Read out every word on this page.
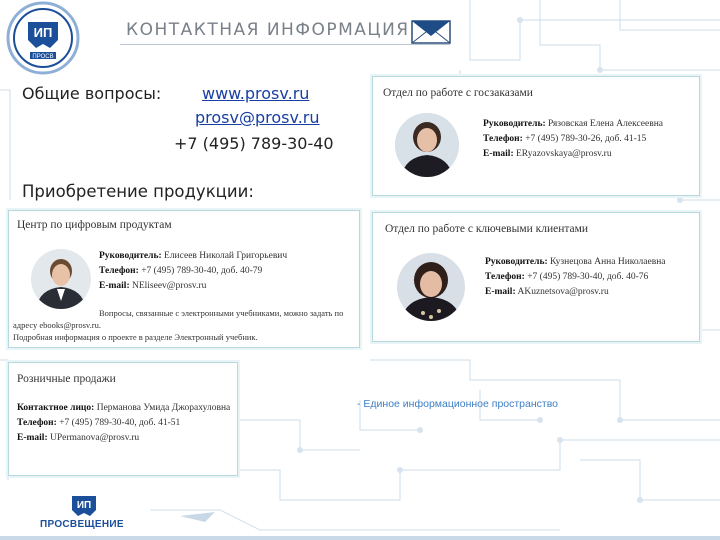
ИП
ПРОСВ
КОНТАКТНАЯ ИНФОРМАЦИЯ
Общие вопросы:	www.prosv.ru
prosv@prosv.ru
+7 (495) 789-30-40
Приобретение продукции:
Отдел по работе с госзаказами
Руководитель: Рязовская Елена Алексеевна
Телефон: +7 (495) 789-30-26, доб. 41-15
E-mail: ERyazovskaya@prosv.ru
Центр по цифровым продуктам
Руководитель: Елисеев Николай Григорьевич
Телефон: +7 (495) 789-30-40, доб. 40-79
E-mail: NEliseev@prosv.ru
Вопросы, связанные с электронными учебниками, можно задать по
адресу ebooks@prosv.ru.
Подробная информация о проекте в разделе Электронный учебник.
Отдел по работе с ключевыми клиентами
Руководитель: Кузнецова Анна Николаевна
Телефон: +7 (495) 789-30-40, доб. 40-76
E-mail: AKuznetsova@prosv.ru
Розничные продажи
Контактное лицо: Перманова Умида Джорахуловна
Телефон: +7 (495) 789-30-40, доб. 41-51
E-mail: UPermanova@prosv.ru
- Единое информационное пространство
ИП
ПРОСВЕЩЕНИЕ
